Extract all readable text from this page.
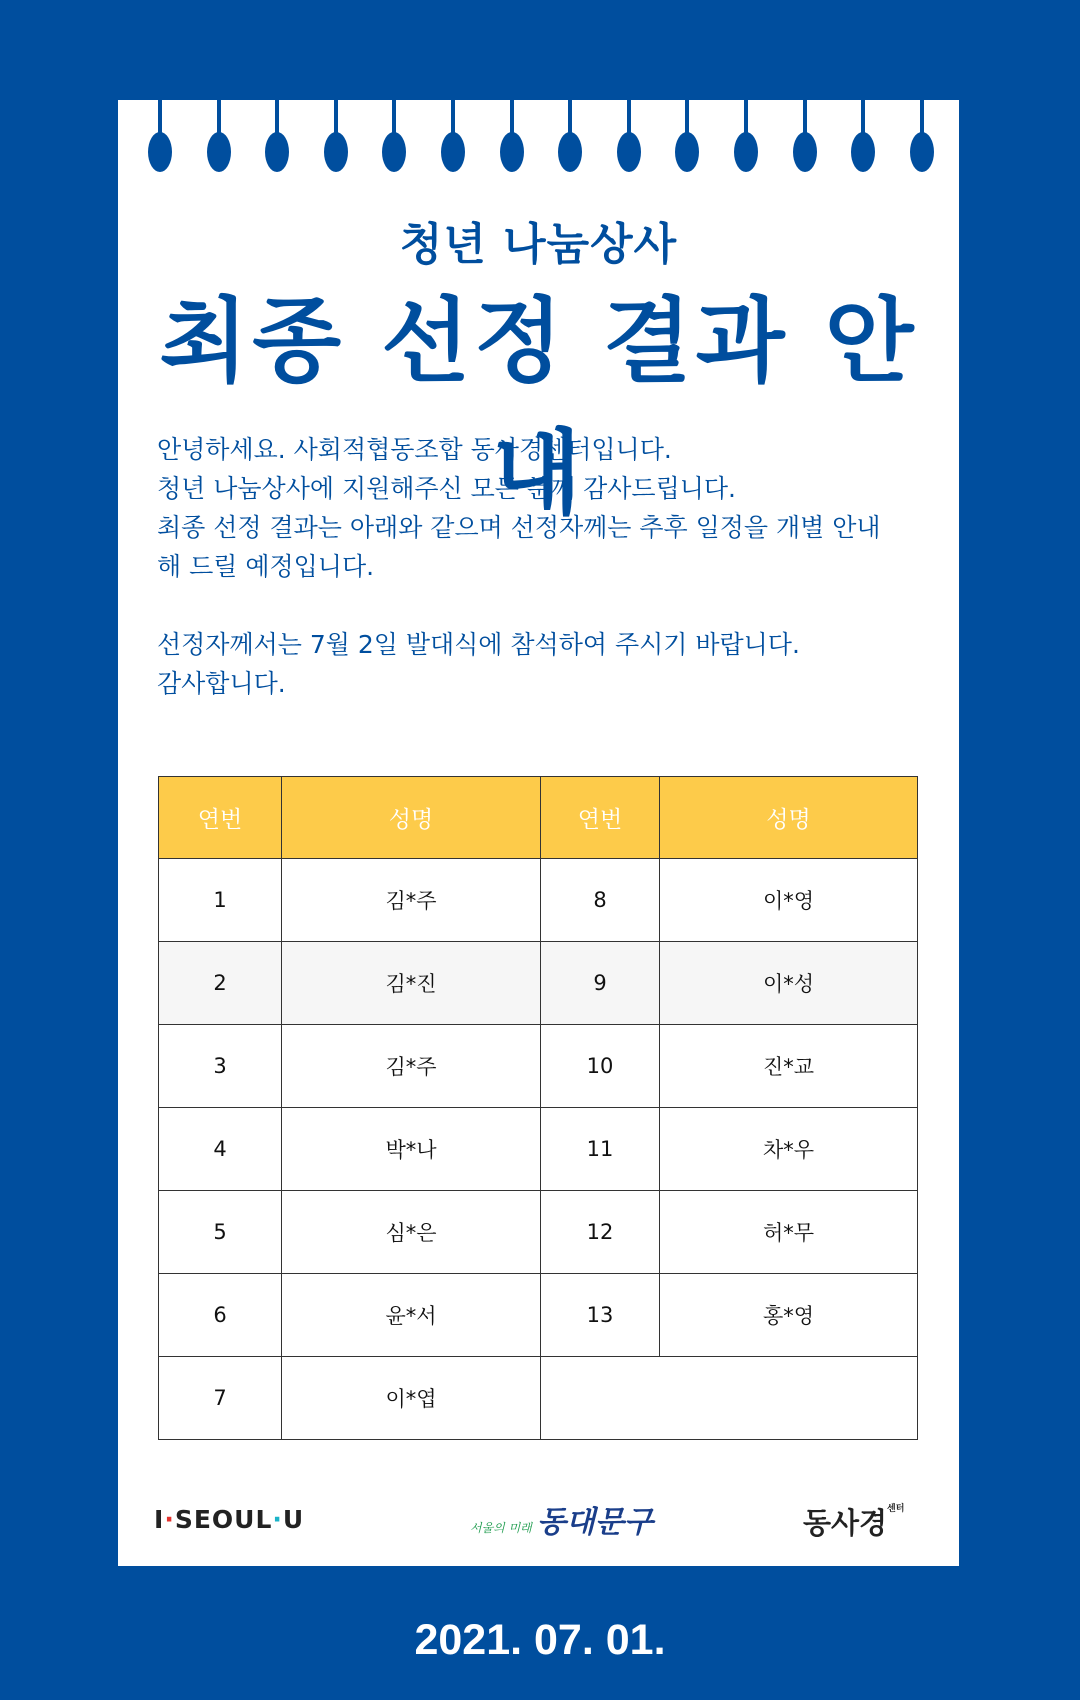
청년 나눔상사
최종 선정 결과 안내

안녕하세요. 사회적협동조합 동사경센터입니다.

청년 나눔상사에 지원해주신 모든 분께 감사드립니다.

최종 선정 결과는 아래와 같으며 선정자께는 추후 일정을 개별 안내

해 드릴 예정입니다.

선정자께서는 7월 2일 발대식에 참석하여 주시기 바랍니다.

감사합니다.

연번	성명	연번	성명
1	김*주	8	이*영
2	김*진	9	이*성
3	김*주	10	진*교
4	박*나	11	차*우
5	심*은	12	허*무
6	윤*서	13	홍*영
7	이*엽		
I·SEOUL·U	서울의 미래 동대문구	동사경$^{센터}$
2021. 07. 01.
